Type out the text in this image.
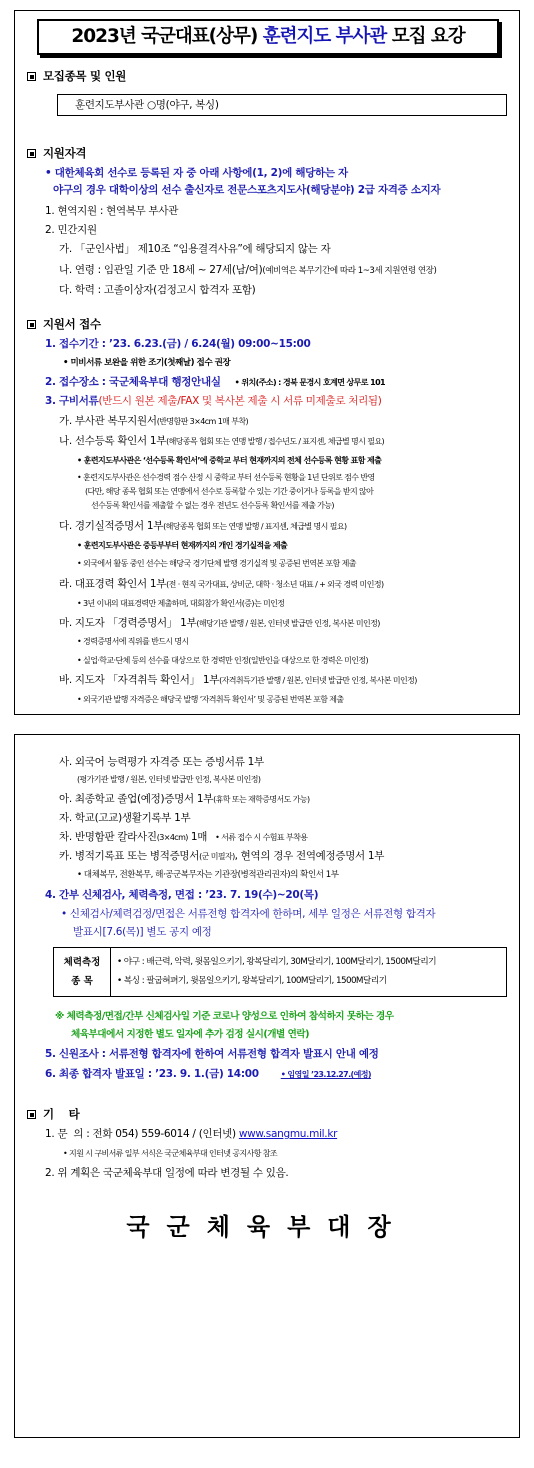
2023년 국군대표(상무) 훈련지도 부사관 모집 요강
모집종목 및 인원
훈련지도부사관 ○명(야구, 복싱)
지원자격
• 대한체육회 선수로 등록된 자 중 아래 사항에(1, 2)에 해당하는 자
야구의 경우 대학이상의 선수 출신자로 전문스포츠지도사(해당분야) 2급 자격증 소지자
1. 현역지원 : 현역복무 부사관
2. 민간지원
가. 「군인사법」 제10조 “임용결격사유”에 해당되지 않는 자
나. 연령 : 임관일 기준 만 18세 ~ 27세(남/여)(예비역은 복무기간에 따라 1~3세 지원연령 연장)
다. 학력 : 고졸이상자(검정고시 합격자 포함)
지원서 접수
1. 접수기간 : ’23. 6.23.(금) / 6.24(월) 09:00~15:00
• 미비서류 보완을 위한 조기(첫째날) 접수 권장
2. 접수장소 : 국군체육부대 행정안내실 • 위치(주소) : 경북 문경시 호계면 상무로 101
3. 구비서류(반드시 원본 제출/FAX 및 복사본 제출 시 서류 미제출로 처리됨)
가. 부사관 복무지원서(반명함판 3×4cm 1매 부착)
나. 선수등록 확인서 1부(해당종목 협회 또는 연맹 발행 / 접수년도 / 표지센, 체급별 명시 필요)
• 훈련지도부사관은 ‘선수등록 확인서’에 중학교 부터 현재까지의 전체 선수등록 현황 표함 제출
• 훈련지도부사관은 선수경력 점수 산정 시 중학교 부터 선수등록 현황을 1년 단위로 점수 반영
(다만, 해당 종목 협회 또는 연맹에서 선수로 등록할 수 있는 기간 중이거나 등록을 받지 않아
선수등록 확인서를 제출할 수 없는 경우 전년도 선수등록 확인서를 제출 가능)
다. 경기실적증명서 1부(해당종목 협회 또는 연맹 발행 / 표지센, 체급별 명시 필요)
• 훈련지도부사관은 중등부부터 현재까지의 개인 경기실적을 제출
• 외국에서 활동 중인 선수는 해당국 경기단체 발행 경기실적 및 공증된 번역본 포함 제출
라. 대표경력 확인서 1부(전 · 현직 국가대표, 상비군, 대학 · 청소년 대표 / + 외국 경력 미인정)
• 3년 이내의 대표경력만 제출하며, 대회참가 확인서(증)는 미인정
마. 지도자 「경력증명서」 1부(해당기관 발행 / 원본, 인터넷 발급만 인정, 복사본 미인정)
• 경력증명서에 직위를 반드시 명시
• 실업·학교·단체 등의 선수를 대상으로 한 경력만 인정(일반인을 대상으로 한 경력은 미인정)
바. 지도자 「자격취득 확인서」 1부(자격취득기관 발행 / 원본, 인터넷 발급만 인정, 복사본 미인정)
• 외국기관 발행 자격증은 해당국 발행 ‘자격취득 확인서’ 및 공증된 번역본 포함 제출
사. 외국어 능력평가 자격증 또는 증빙서류 1부
(평가기관 발행 / 원본, 인터넷 발급만 인정, 복사본 미인정)
아. 최종학교 졸업(예정)증명서 1부(휴학 또는 재학증명서도 가능)
자. 학교(고교)생활기록부 1부
차. 반명함판 칼라사진(3×4cm) 1매 • 서류 접수 시 수험표 부착용
카. 병적기록표 또는 병적증명서(군 미필자), 현역의 경우 전역예정증명서 1부
• 대체복무, 전환복무, 해·공군복무자는 기관장(병적관리권자)의 확인서 1부
4. 간부 신체검사, 체력측정, 면접 : ’23. 7. 19(수)~20(목)
• 신체검사/체력검정/면접은 서류전형 합격자에 한하며, 세부 일정은 서류전형 합격자
발표시[7.6(목)] 별도 공지 예정
체력측정
종 목

• 야구 : 배근력, 악력, 윗몸일으키기, 왕복달리기, 30M달리기, 100M달리기, 1500M달리기
• 복싱 : 팔굽혀펴기, 윗몸일으키기, 왕복달리기, 100M달리기, 1500M달리기
※ 체력측정/면접/간부 신체검사일 기준 코로나 양성으로 인하여 참석하지 못하는 경우
체육부대에서 지정한 별도 일자에 추가 검정 실시(개별 연락)
5. 신원조사 : 서류전형 합격자에 한하여 서류전형 합격자 발표시 안내 예정
6. 최종 합격자 발표일 : ’23. 9. 1.(금) 14:00	• 임영일 ’23.12.27.(예정)
기    타
1. 문  의 : 전화 054) 559-6014 / (인터넷) www.sangmu.mil.kr
• 지원 시 구비서류 일부 서식은 국군체육부대 인터넷 공지사항 참조
2. 위 계획은 국군체육부대 일정에 따라 변경될 수 있음.
국군체육부대장
